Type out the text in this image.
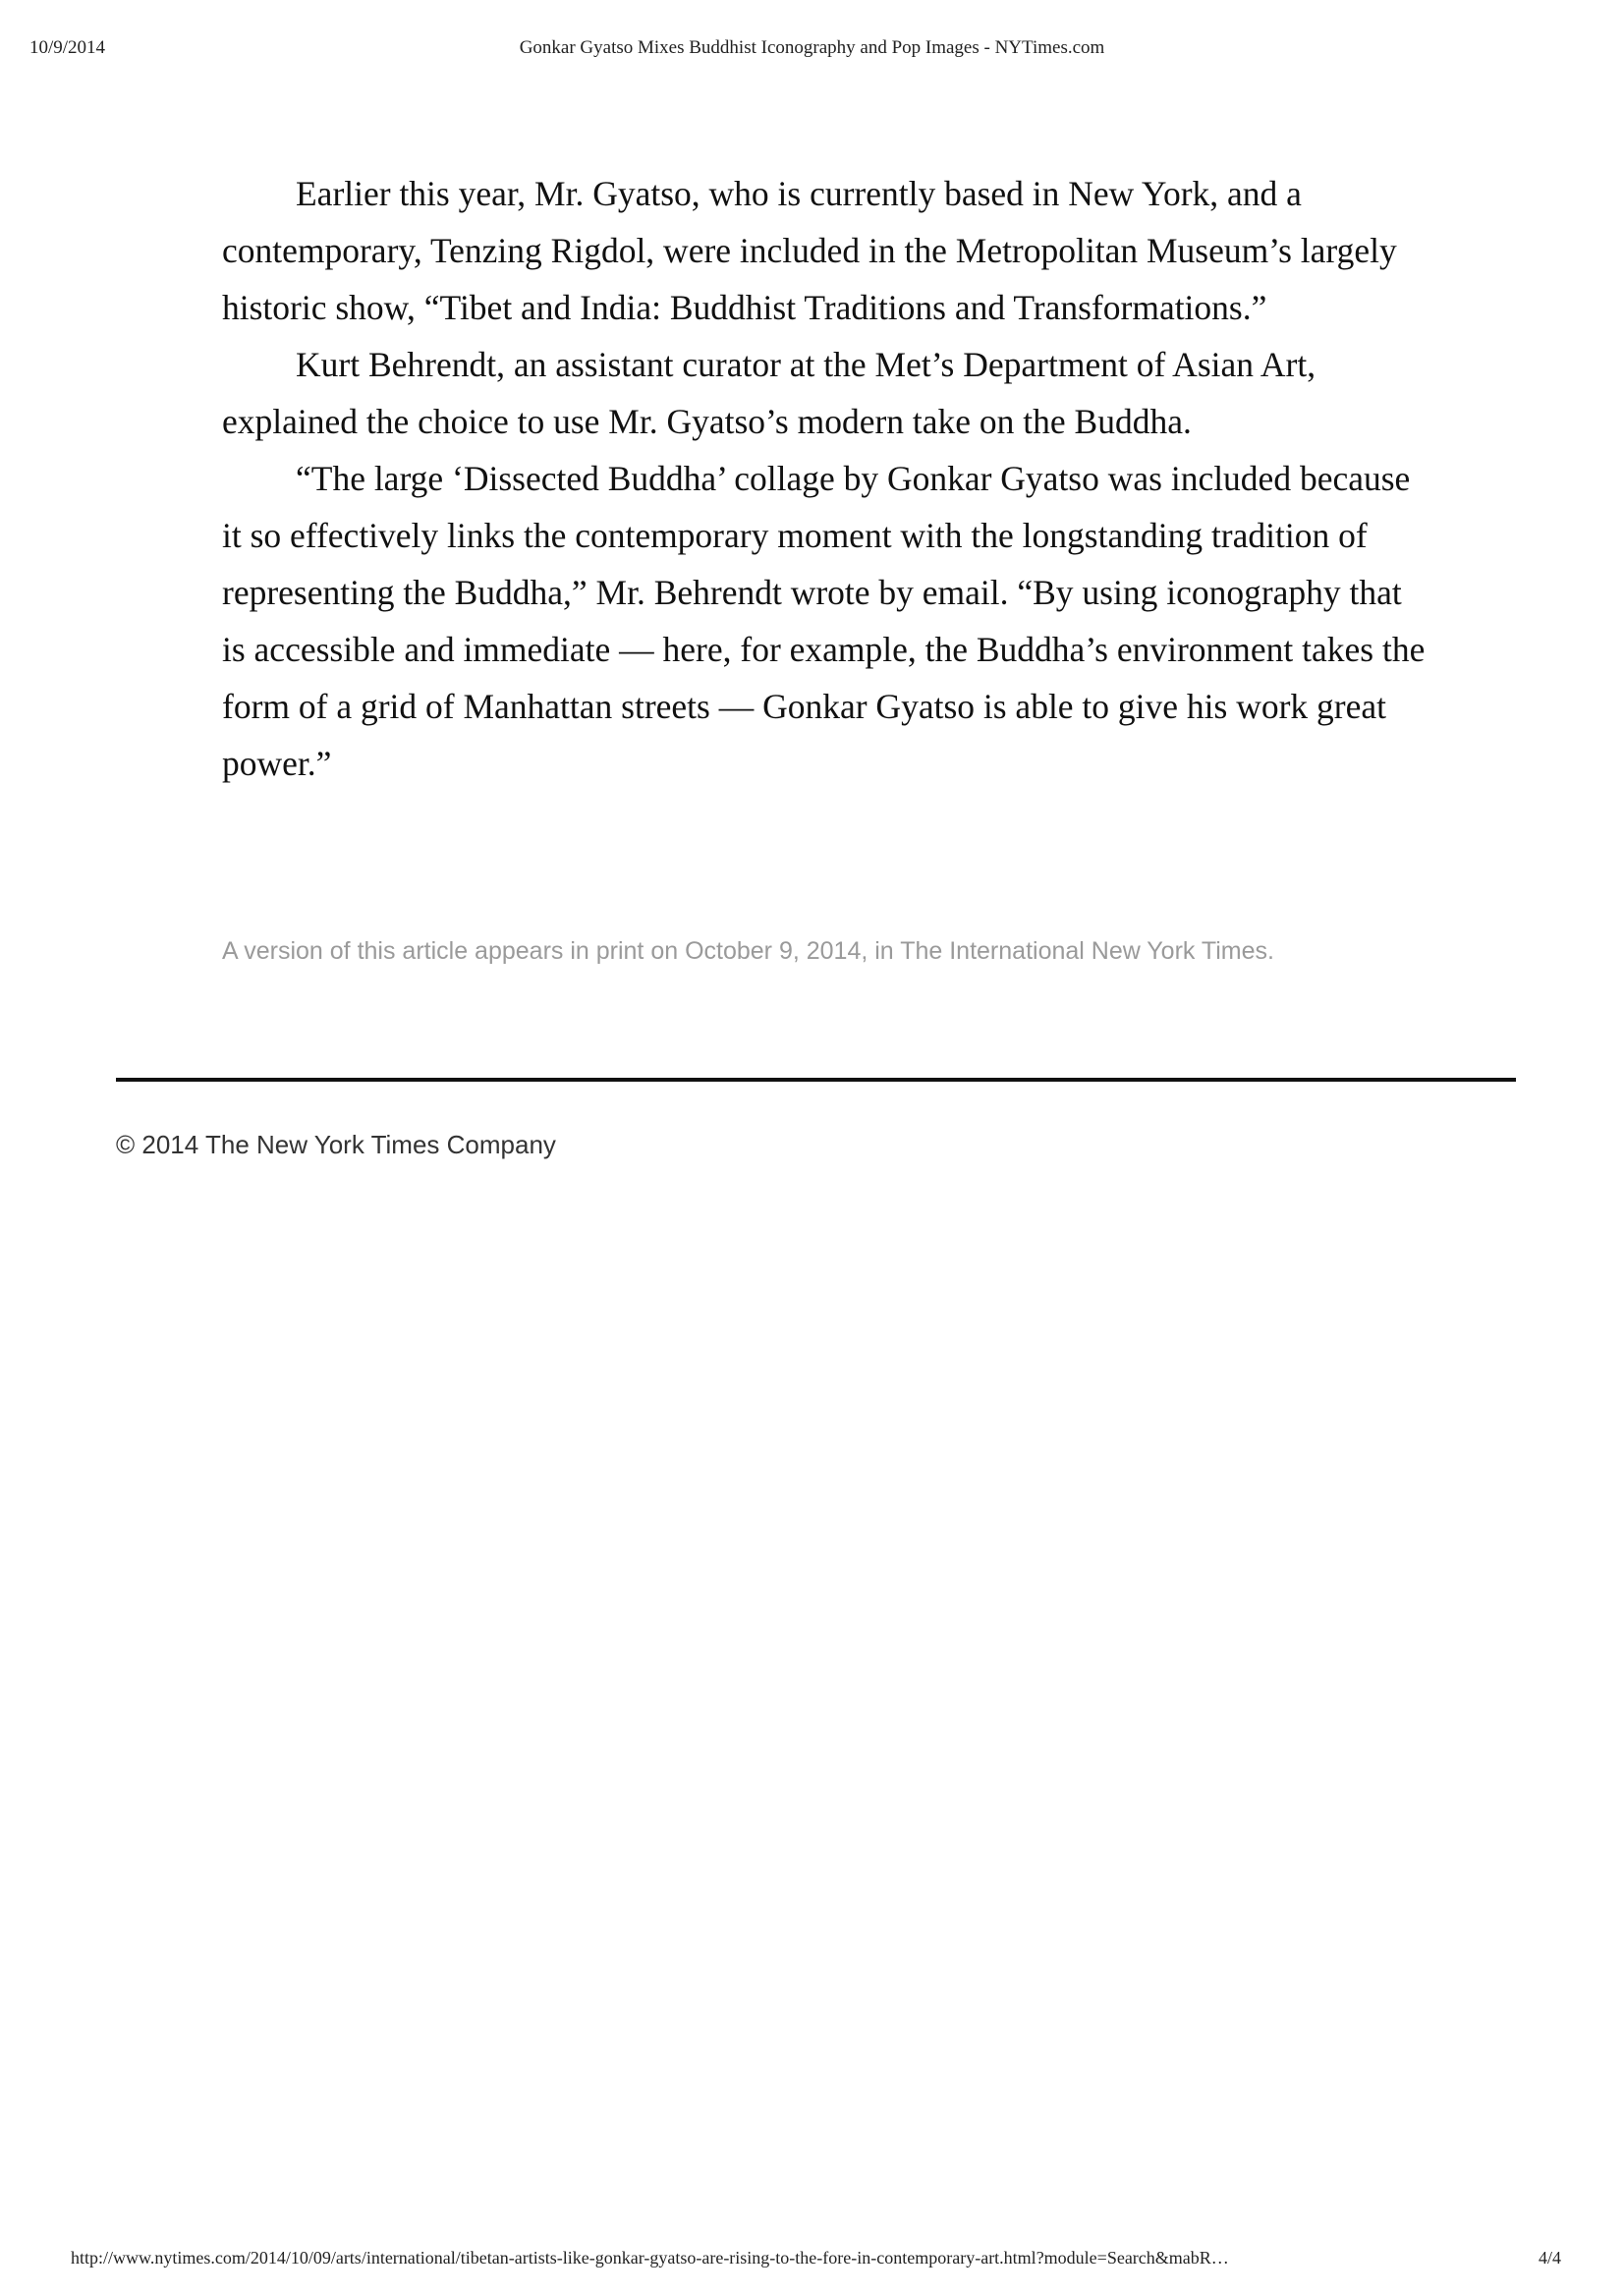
10/9/2014	Gonkar Gyatso Mixes Buddhist Iconography and Pop Images - NYTimes.com

Earlier this year, Mr. Gyatso, who is currently based in New York, and a contemporary, Tenzing Rigdol, were included in the Metropolitan Museum’s largely historic show, “Tibet and India: Buddhist Traditions and Transformations.”

Kurt Behrendt, an assistant curator at the Met’s Department of Asian Art, explained the choice to use Mr. Gyatso’s modern take on the Buddha.

“The large ‘Dissected Buddha’ collage by Gonkar Gyatso was included because it so effectively links the contemporary moment with the longstanding tradition of representing the Buddha,” Mr. Behrendt wrote by email. “By using iconography that is accessible and immediate — here, for example, the Buddha’s environment takes the form of a grid of Manhattan streets — Gonkar Gyatso is able to give his work great power.”

A version of this article appears in print on October 9, 2014, in The International New York Times.
© 2014 The New York Times Company
http://www.nytimes.com/2014/10/09/arts/international/tibetan-artists-like-gonkar-gyatso-are-rising-to-the-fore-in-contemporary-art.html?module=Search&mabR…	4/4
